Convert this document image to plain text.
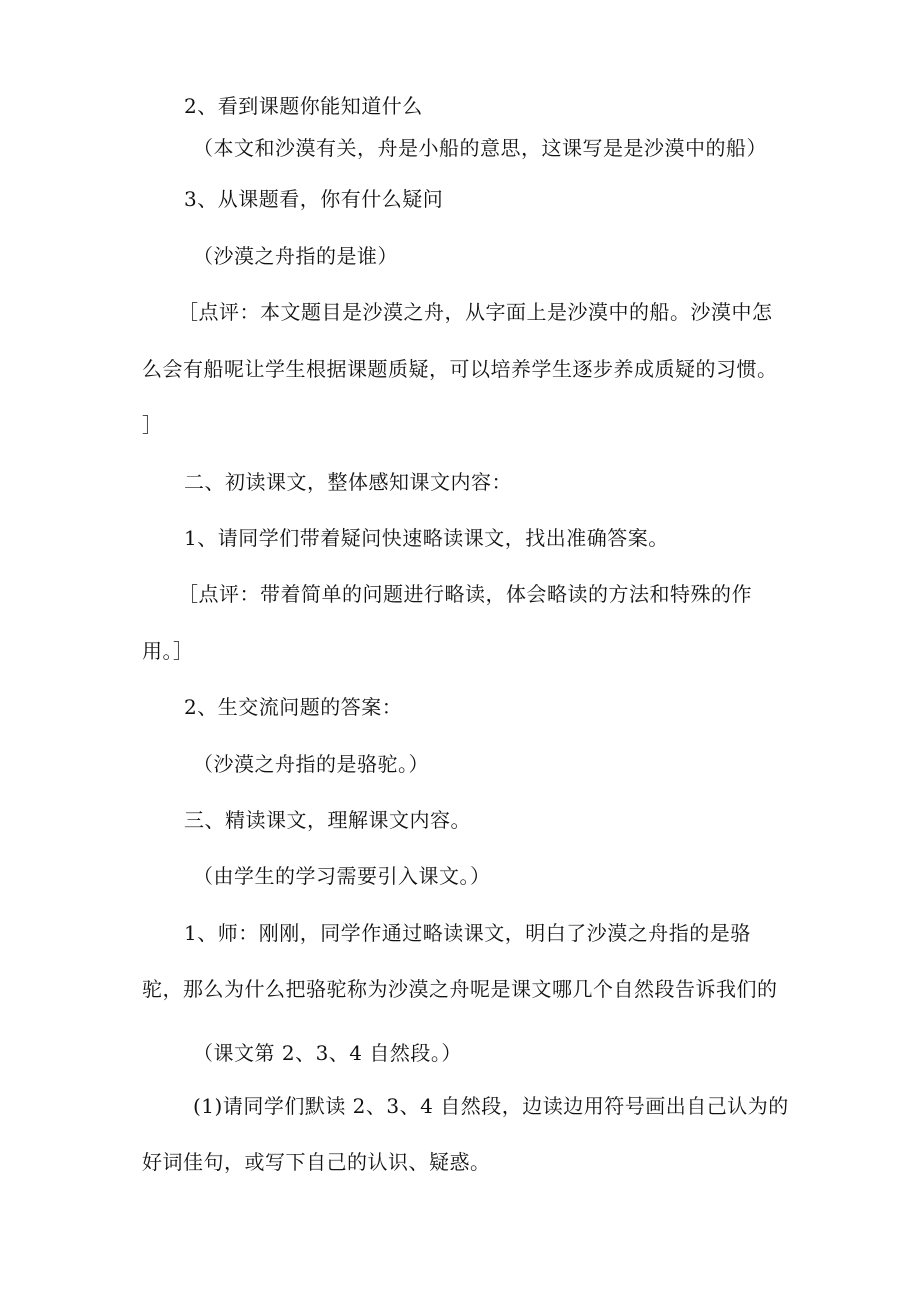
2、看到课题你能知道什么
（本文和沙漠有关，舟是小船的意思，这课写是是沙漠中的船）
3、从课题看，你有什么疑问
（沙漠之舟指的是谁）
［点评：本文题目是沙漠之舟，从字面上是沙漠中的船。沙漠中怎
么会有船呢让学生根据课题质疑，可以培养学生逐步养成质疑的习惯。
］
二、初读课文，整体感知课文内容：
1、请同学们带着疑问快速略读课文，找出准确答案。
［点评：带着简单的问题进行略读，体会略读的方法和特殊的作
用。］
2、生交流问题的答案：
（沙漠之舟指的是骆驼。）
三、精读课文，理解课文内容。
（由学生的学习需要引入课文。）
1、师：刚刚，同学作通过略读课文，明白了沙漠之舟指的是骆
驼，那么为什么把骆驼称为沙漠之舟呢是课文哪几个自然段告诉我们的
（课文第 2、3、4 自然段。）
(1)请同学们默读 2、3、4 自然段，边读边用符号画出自己认为的
好词佳句，或写下自己的认识、疑惑。
